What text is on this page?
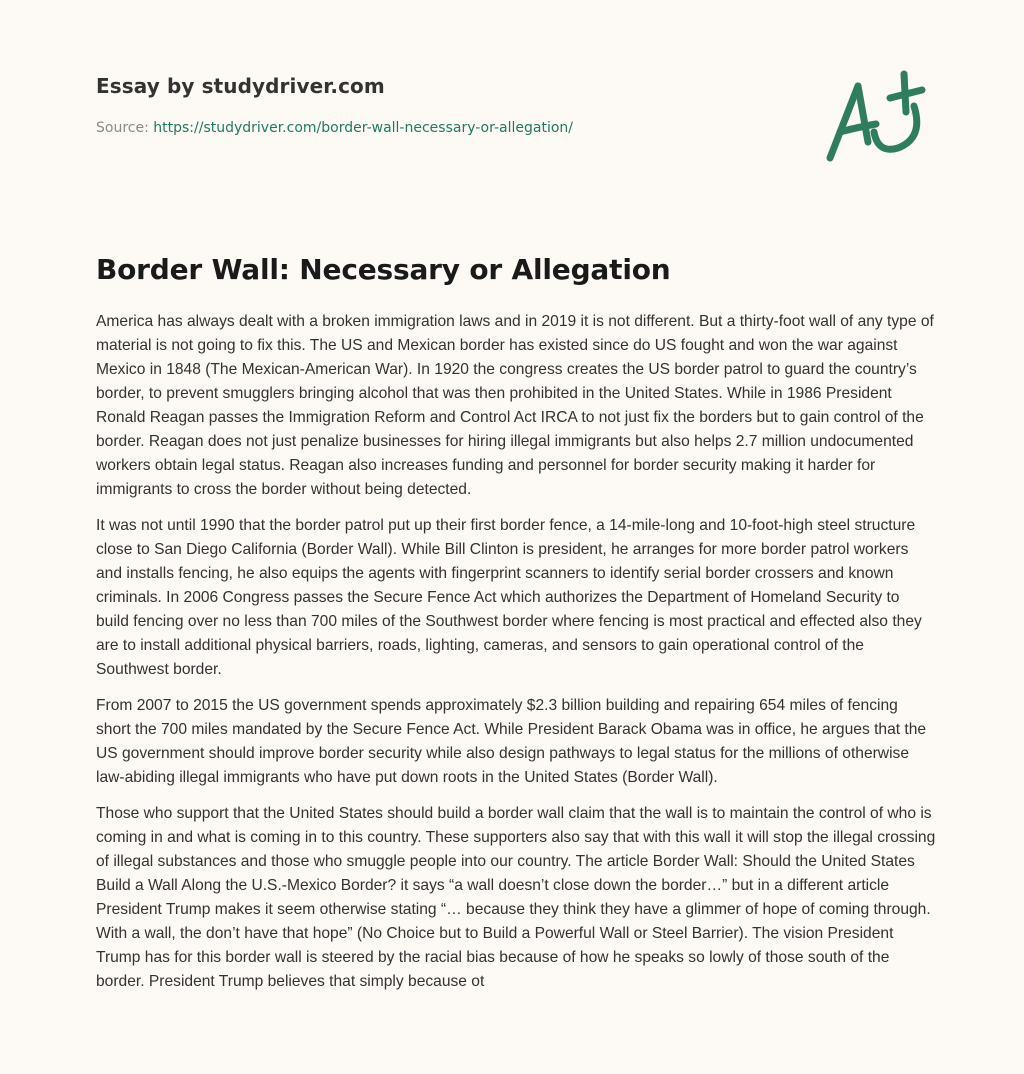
Essay by studydriver.com
Source: https://studydriver.com/border-wall-necessary-or-allegation/
Border Wall: Necessary or Allegation

America has always dealt with a broken immigration laws and in 2019 it is not different. But a thirty-foot wall of any type of material is not going to fix this. The US and Mexican border has existed since do US fought and won the war against Mexico in 1848 (The Mexican-American War). In 1920 the congress creates the US border patrol to guard the country’s border, to prevent smugglers bringing alcohol that was then prohibited in the United States. While in 1986 President Ronald Reagan passes the Immigration Reform and Control Act IRCA to not just fix the borders but to gain control of the border. Reagan does not just penalize businesses for hiring illegal immigrants but also helps 2.7 million undocumented workers obtain legal status. Reagan also increases funding and personnel for border security making it harder for immigrants to cross the border without being detected.

It was not until 1990 that the border patrol put up their first border fence, a 14-mile-long and 10-foot-high steel structure close to San Diego California (Border Wall). While Bill Clinton is president, he arranges for more border patrol workers and installs fencing, he also equips the agents with fingerprint scanners to identify serial border crossers and known criminals. In 2006 Congress passes the Secure Fence Act which authorizes the Department of Homeland Security to build fencing over no less than 700 miles of the Southwest border where fencing is most practical and effected also they are to install additional physical barriers, roads, lighting, cameras, and sensors to gain operational control of the Southwest border.

From 2007 to 2015 the US government spends approximately $2.3 billion building and repairing 654 miles of fencing short the 700 miles mandated by the Secure Fence Act. While President Barack Obama was in office, he argues that the US government should improve border security while also design pathways to legal status for the millions of otherwise law-abiding illegal immigrants who have put down roots in the United States (Border Wall).

Those who support that the United States should build a border wall claim that the wall is to maintain the control of who is coming in and what is coming in to this country. These supporters also say that with this wall it will stop the illegal crossing of illegal substances and those who smuggle people into our country. The article Border Wall: Should the United States Build a Wall Along the U.S.-Mexico Border? it says “a wall doesn’t close down the border…” but in a different article President Trump makes it seem otherwise stating “… because they think they have a glimmer of hope of coming through. With a wall, the don’t have that hope” (No Choice but to Build a Powerful Wall or Steel Barrier). The vision President Trump has for this border wall is steered by the racial bias because of how he speaks so lowly of those south of the border. President Trump believes that simply because ot
